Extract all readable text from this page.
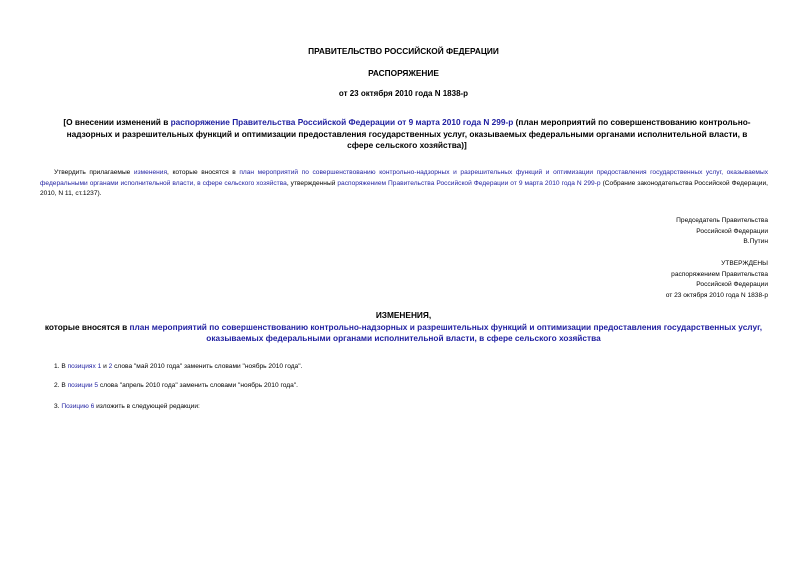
ПРАВИТЕЛЬСТВО РОССИЙСКОЙ ФЕДЕРАЦИИ
РАСПОРЯЖЕНИЕ
от 23 октября 2010 года N 1838-р
[О внесении изменений в распоряжение Правительства Российской Федерации от 9 марта 2010 года N 299-р (план мероприятий по совершенствованию контрольно-надзорных и разрешительных функций и оптимизации предоставления государственных услуг, оказываемых федеральными органами исполнительной власти, в сфере сельского хозяйства)]
Утвердить прилагаемые изменения, которые вносятся в план мероприятий по совершенствованию контрольно-надзорных и разрешительных функций и оптимизации предоставления государственных услуг, оказываемых федеральными органами исполнительной власти, в сфере сельского хозяйства, утвержденный распоряжением Правительства Российской Федерации от 9 марта 2010 года N 299-р (Собрание законодательства Российской Федерации, 2010, N 11, ст.1237).
Председатель Правительства
Российской Федерации
В.Путин
УТВЕРЖДЕНЫ
распоряжением Правительства
Российской Федерации
от 23 октября 2010 года N 1838-р
ИЗМЕНЕНИЯ,
которые вносятся в план мероприятий по совершенствованию контрольно-надзорных и разрешительных функций и оптимизации предоставления государственных услуг, оказываемых федеральными органами исполнительной власти, в сфере сельского хозяйства
1. В позициях 1 и 2 слова "май 2010 года" заменить словами "ноябрь 2010 года".
2. В позиции 5 слова "апрель 2010 года" заменить словами "ноябрь 2010 года".
3. Позицию 6 изложить в следующей редакции:
